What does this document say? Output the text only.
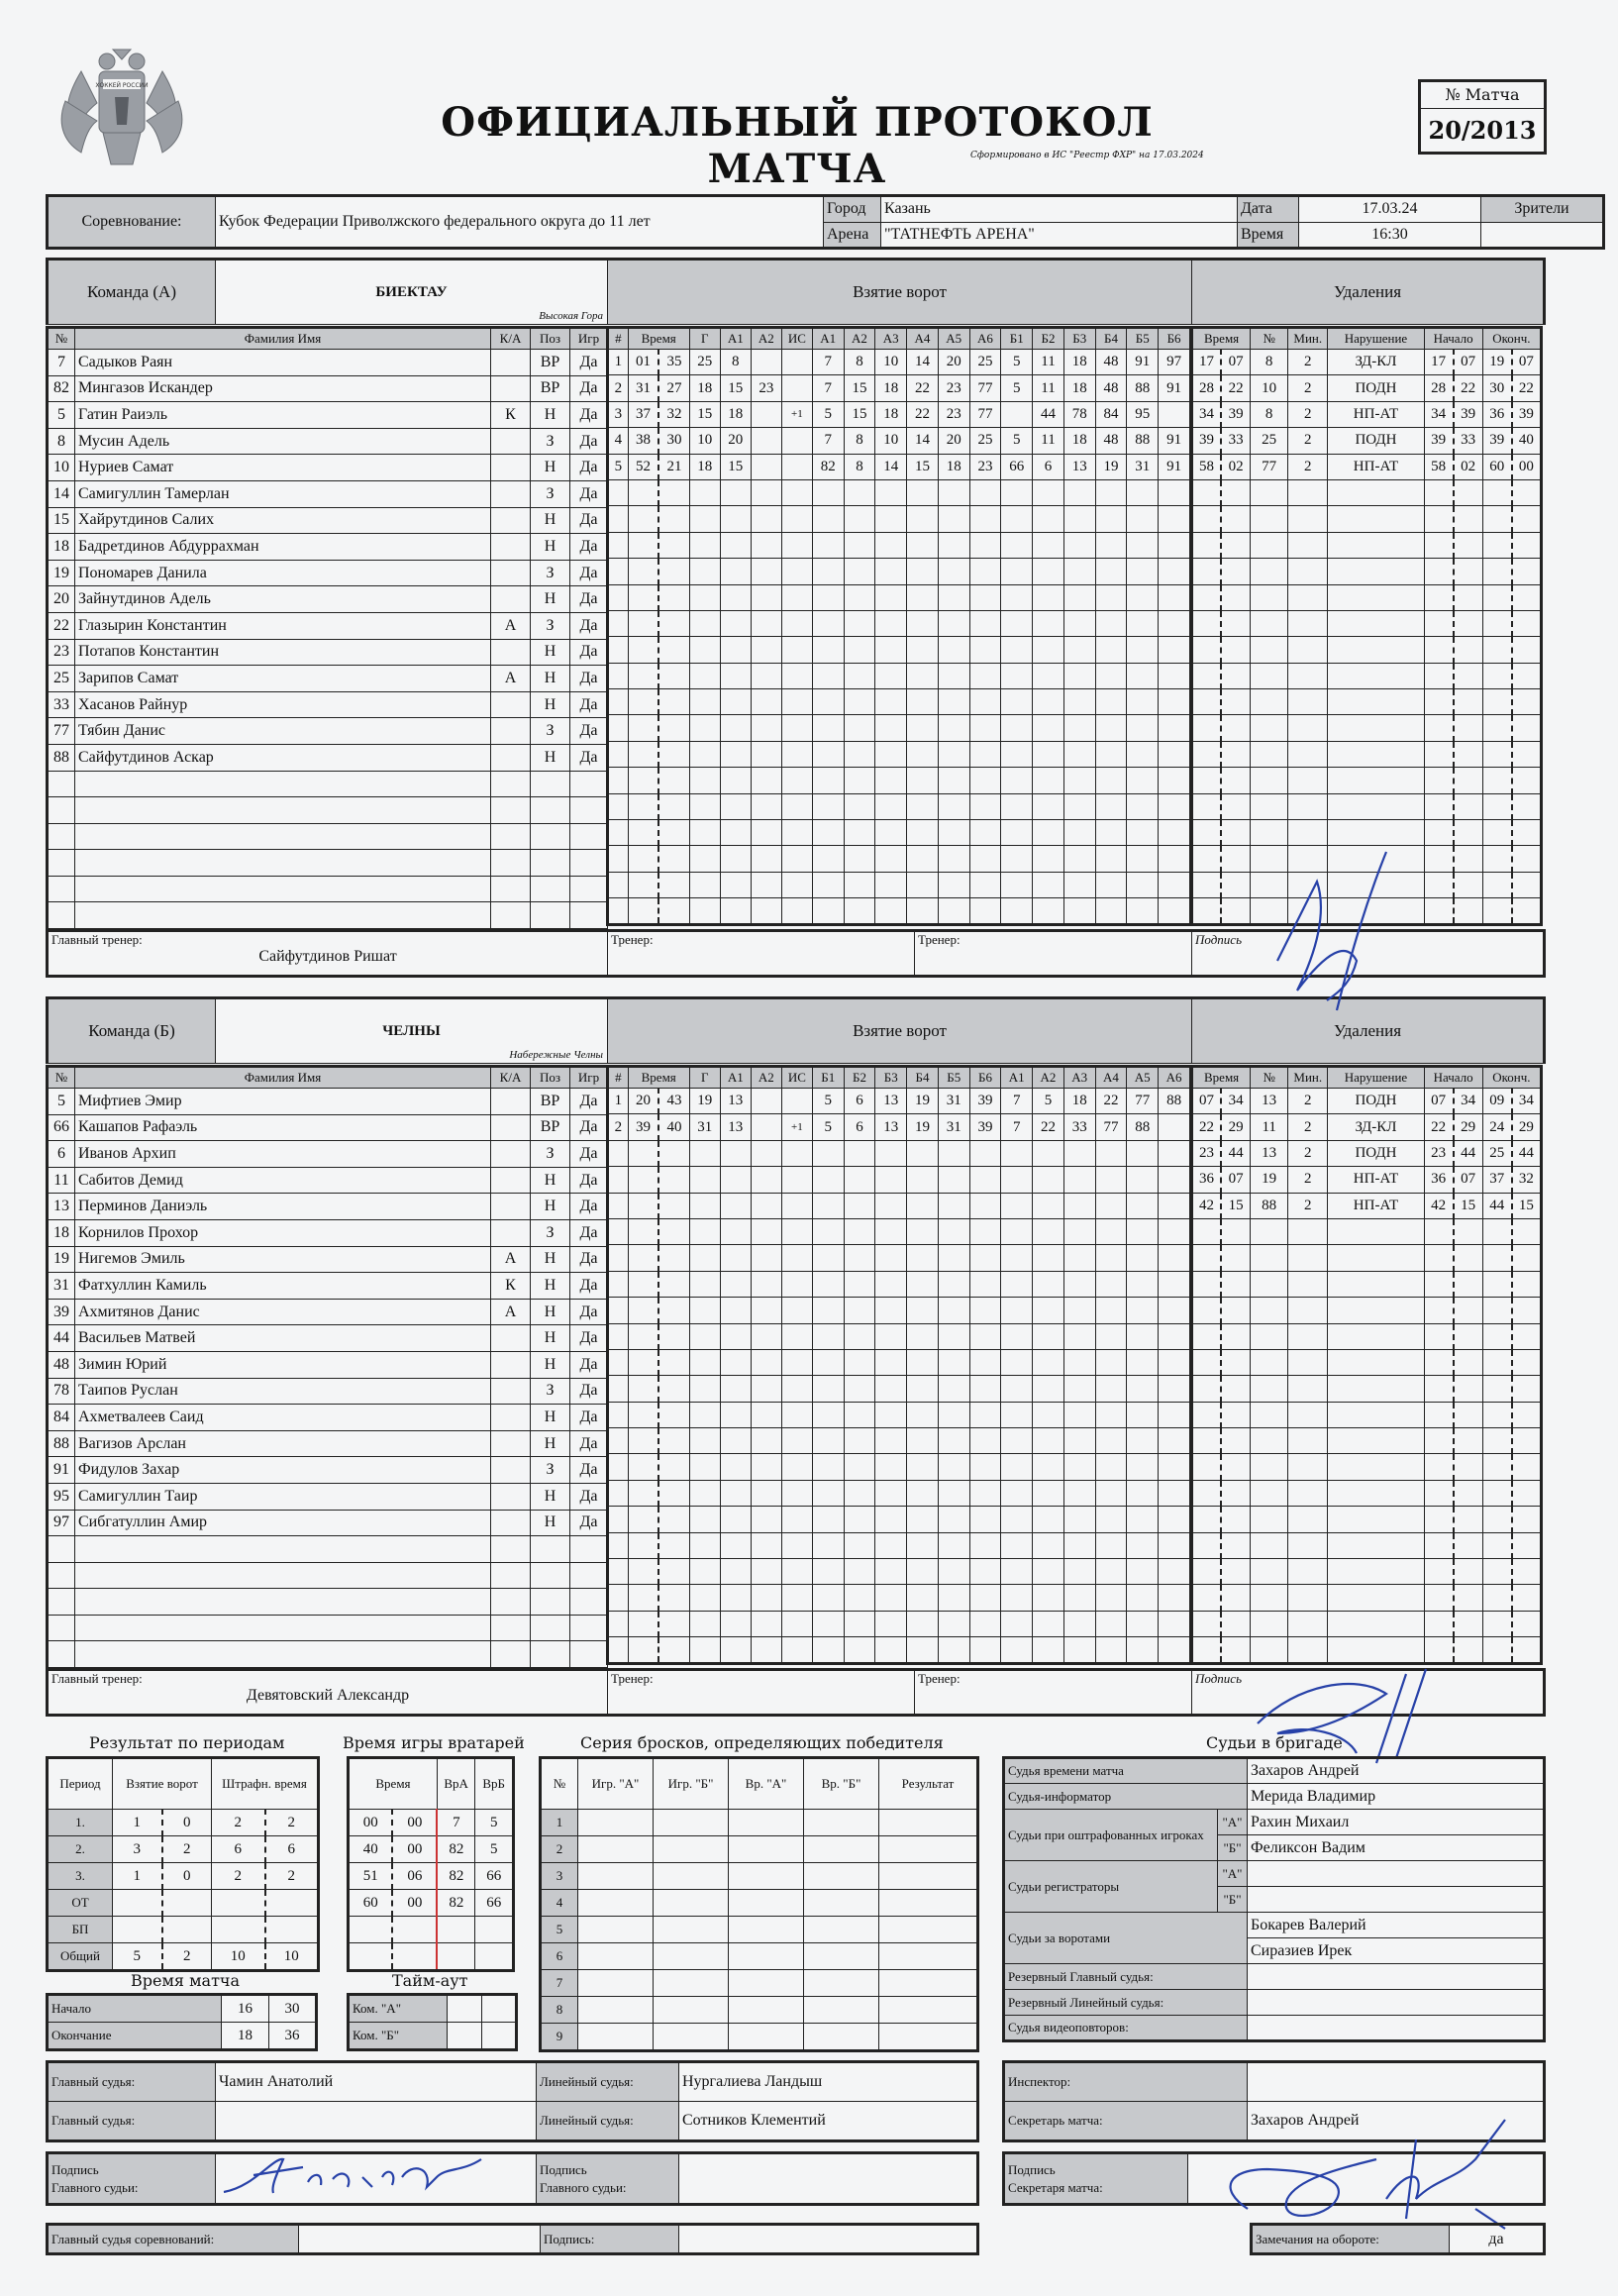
ХОККЕЙ РОССИИ
ОФИЦИАЛЬНЫЙ ПРОТОКОЛ МАТЧА	Сформировано в ИС "Реестр ФХР" на 17.03.2024
№ Матча
20/2013
Соревнование:	Кубок Федерации Приволжского федерального округа до 11 лет	Город	Казань	Дата	17.03.24	Зрители
		Арена	"ТАТНЕФТЬ АРЕНА"	Время	16:30	
Команда (А)	БИЕКТАУ
Высокая Гора
	Взятие ворот	Удаления
№	Фамилия Имя	К/А	Поз	Игр
7	Садыков Раян		ВР	Да
82	Мингазов Искандер		ВР	Да
5	Гатин Раиэль	К	Н	Да
8	Мусин Адель		З	Да
10	Нуриев Самат		Н	Да
14	Самигуллин Тамерлан		З	Да
15	Хайрутдинов Салих		Н	Да
18	Бадретдинов Абдуррахман		Н	Да
19	Пономарев Данила		З	Да
20	Зайнутдинов Адель		Н	Да
22	Глазырин Константин	А	З	Да
23	Потапов Константин		Н	Да
25	Зарипов Самат	А	Н	Да
33	Хасанов Райнур		Н	Да
77	Тябин Данис		З	Да
88	Сайфутдинов Аскар		Н	Да

#	Время		Г	А1	А2	ИС	А1	А2	А3	А4	А5	А6	Б1	Б2	Б3	Б4	Б5	Б6
1	01	35	25	8			7	8	10	14	20	25	5	11	18	48	91	97
2	31	27	18	15	23		7	15	18	22	23	77	5	11	18	48	88	91
3	37	32	15	18		+1	5	15	18	22	23	77		44	78	84	95	
4	38	30	10	20			7	8	10	14	20	25	5	11	18	48	88	91
5	52	21	18	15			82	8	14	15	18	23	66	6	13	19	31	91

Время		№	Мин.	Нарушение	Начало		Оконч.	
17	07	8	2	ЗД-КЛ	17	07	19	07
28	22	10	2	ПОДН	28	22	30	22
34	39	8	2	НП-АТ	34	39	36	39
39	33	25	2	ПОДН	39	33	39	40
58	02	77	2	НП-АТ	58	02	60	00

Главный тренер:
Сайфутдинов Ришат

Тренер:	Тренер:	Подпись
Команда (Б)	ЧЕЛНЫ
Набережные Челны
	Взятие ворот	Удаления
№	Фамилия Имя	К/А	Поз	Игр
5	Мифтиев Эмир		ВР	Да
66	Кашапов Рафаэль		ВР	Да
6	Иванов Архип		З	Да
11	Сабитов Демид		Н	Да
13	Перминов Даниэль		Н	Да
18	Корнилов Прохор		З	Да
19	Нигемов Эмиль	А	Н	Да
31	Фатхуллин Камиль	К	Н	Да
39	Ахмитянов Данис	А	Н	Да
44	Васильев Матвей		Н	Да
48	Зимин Юрий		Н	Да
78	Таипов Руслан		З	Да
84	Ахметвалеев Саид		Н	Да
88	Вагизов Арслан		Н	Да
91	Фидулов Захар		З	Да
95	Самигуллин Таир		Н	Да
97	Сибгатуллин Амир		Н	Да

#	Время		Г	А1	А2	ИС	Б1	Б2	Б3	Б4	Б5	Б6	А1	А2	А3	А4	А5	А6
1	20	43	19	13			5	6	13	19	31	39	7	5	18	22	77	88
2	39	40	31	13		+1	5	6	13	19	31	39	7	22	33	77	88	

Время		№	Мин.	Нарушение	Начало		Оконч.	
07	34	13	2	ПОДН	07	34	09	34
22	29	11	2	ЗД-КЛ	22	29	24	29
23	44	13	2	ПОДН	23	44	25	44
36	07	19	2	НП-АТ	36	07	37	32
42	15	88	2	НП-АТ	42	15	44	15

Главный тренер:
Девятовский Александр

Тренер:	Тренер:	Подпись
Результат по периодам
Период	Взятие ворот		Штрафн. время	
1.	1	0	2	2
2.	3	2	6	6
3.	1	0	2	2
ОТ				
БП				
Общий	5	2	10	10
Время матча
Начало	16	30
Окончание	18	36
Время игры вратарей
Время		ВрА	ВрБ
00	00	7	5
40	00	82	5
51	06	82	66
60	00	82	66

Тайм-аут
Ком. "А"		
Ком. "Б"		
Серия бросков, определяющих победителя
№	Игр. "А"	Игр. "Б"	Вр. "А"	Вр. "Б"	Результат
1					
2					
3					
4					
5					
6					
7					
8					
9					
Судьи в бригаде
Судья времени матча		Захаров Андрей
Судья-информатор		Мерида Владимир
Судьи при оштрафованных игроках	"А"	Рахин Михаил
	"Б"	Феликсон Вадим
Судьи регистраторы	"А"	
	"Б"	
Судьи за воротами		Бокарев Валерий
		Сиразиев Ирек
Резервный Главный судья:		
Резервный Линейный судья:		
Судья видеоповторов:		
Главный судья:	Чамин Анатолий	Линейный судья:	Нургалиева Ландыш
Главный судья:		Линейный судья:	Сотников Клементий
Инспектор:	
Секретарь матча:	Захаров Андрей
Подпись
Главного судьи:

Подпись
Главного судьи:

Подпись
Секретаря матча:

Главный судья соревнований:		Подпись:		Замечания на обороте:	да
